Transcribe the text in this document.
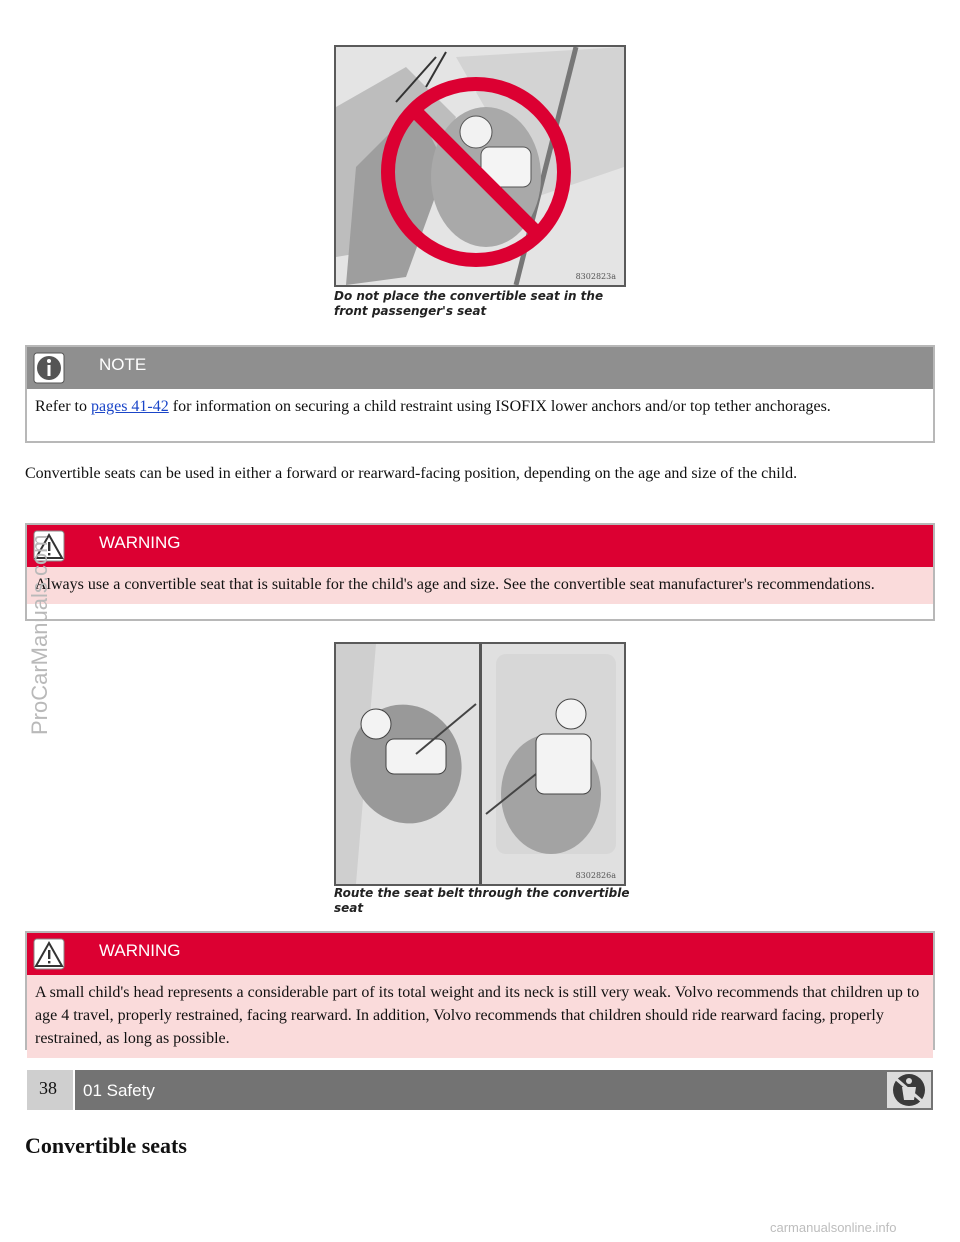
8302823a
Do not place the convertible seat in the front passenger's seat
NOTE
Refer to pages 41-42 for information on securing a child restraint using ISOFIX lower anchors and/or top tether anchorages.
Convertible seats can be used in either a forward or rearward-facing position, depending on the age and size of the child.
WARNING
Always use a convertible seat that is suitable for the child's age and size. See the convertible seat manufacturer's recommendations.
8302826a
Route the seat belt through the convertible seat
WARNING
A small child's head represents a considerable part of its total weight and its neck is still very weak. Volvo recommends that children up to age 4 travel, properly restrained, facing rearward. In addition, Volvo recommends that children should ride rearward facing, properly restrained, as long as possible.
38 01 Safety
Convertible seats
ProCarManuals.com
carmanualsonline.info
